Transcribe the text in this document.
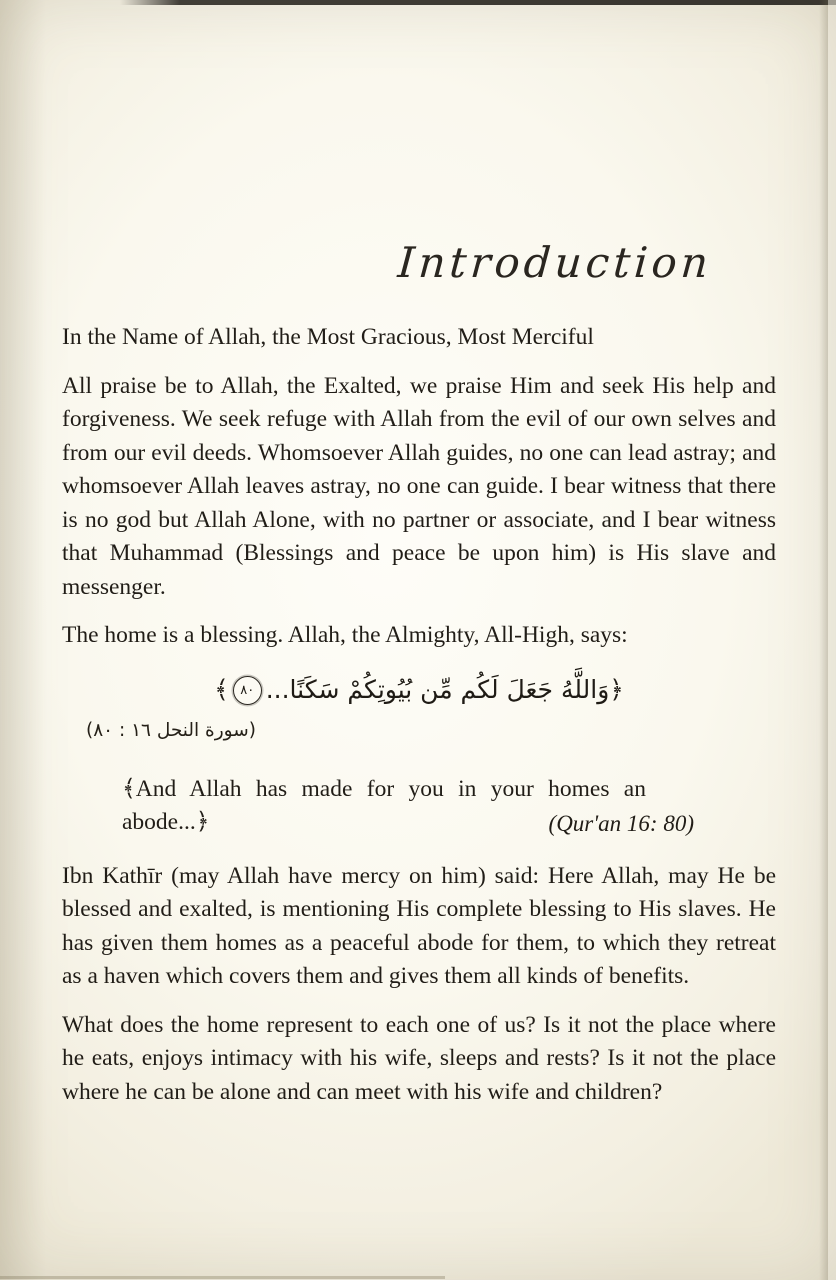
Introduction

In the Name of Allah, the Most Gracious, Most Merciful

All praise be to Allah, the Exalted, we praise Him and seek His help and forgiveness. We seek refuge with Allah from the evil of our own selves and from our evil deeds. Whomsoever Allah guides, no one can lead astray; and whomsoever Allah leaves astray, no one can guide. I bear witness that there is no god but Allah Alone, with no partner or associate, and I bear witness that Muhammad (Blessings and peace be upon him) is His slave and messenger.

The home is a blessing. Allah, the Almighty, All-High, says:

﴿وَاللَّهُ جَعَلَ لَكُم مِّن بُيُوتِكُمْ سَكَنًا...٨٠﴾
(سورة النحل ١٦ : ٨٠)
﴾And Allah has made for you in your homes an abode...﴿	(Qur'an 16: 80)

Ibn Kathīr (may Allah have mercy on him) said: Here Allah, may He be blessed and exalted, is mentioning His complete blessing to His slaves. He has given them homes as a peaceful abode for them, to which they retreat as a haven which covers them and gives them all kinds of benefits.

What does the home represent to each one of us? Is it not the place where he eats, enjoys intimacy with his wife, sleeps and rests? Is it not the place where he can be alone and can meet with his wife and children?
